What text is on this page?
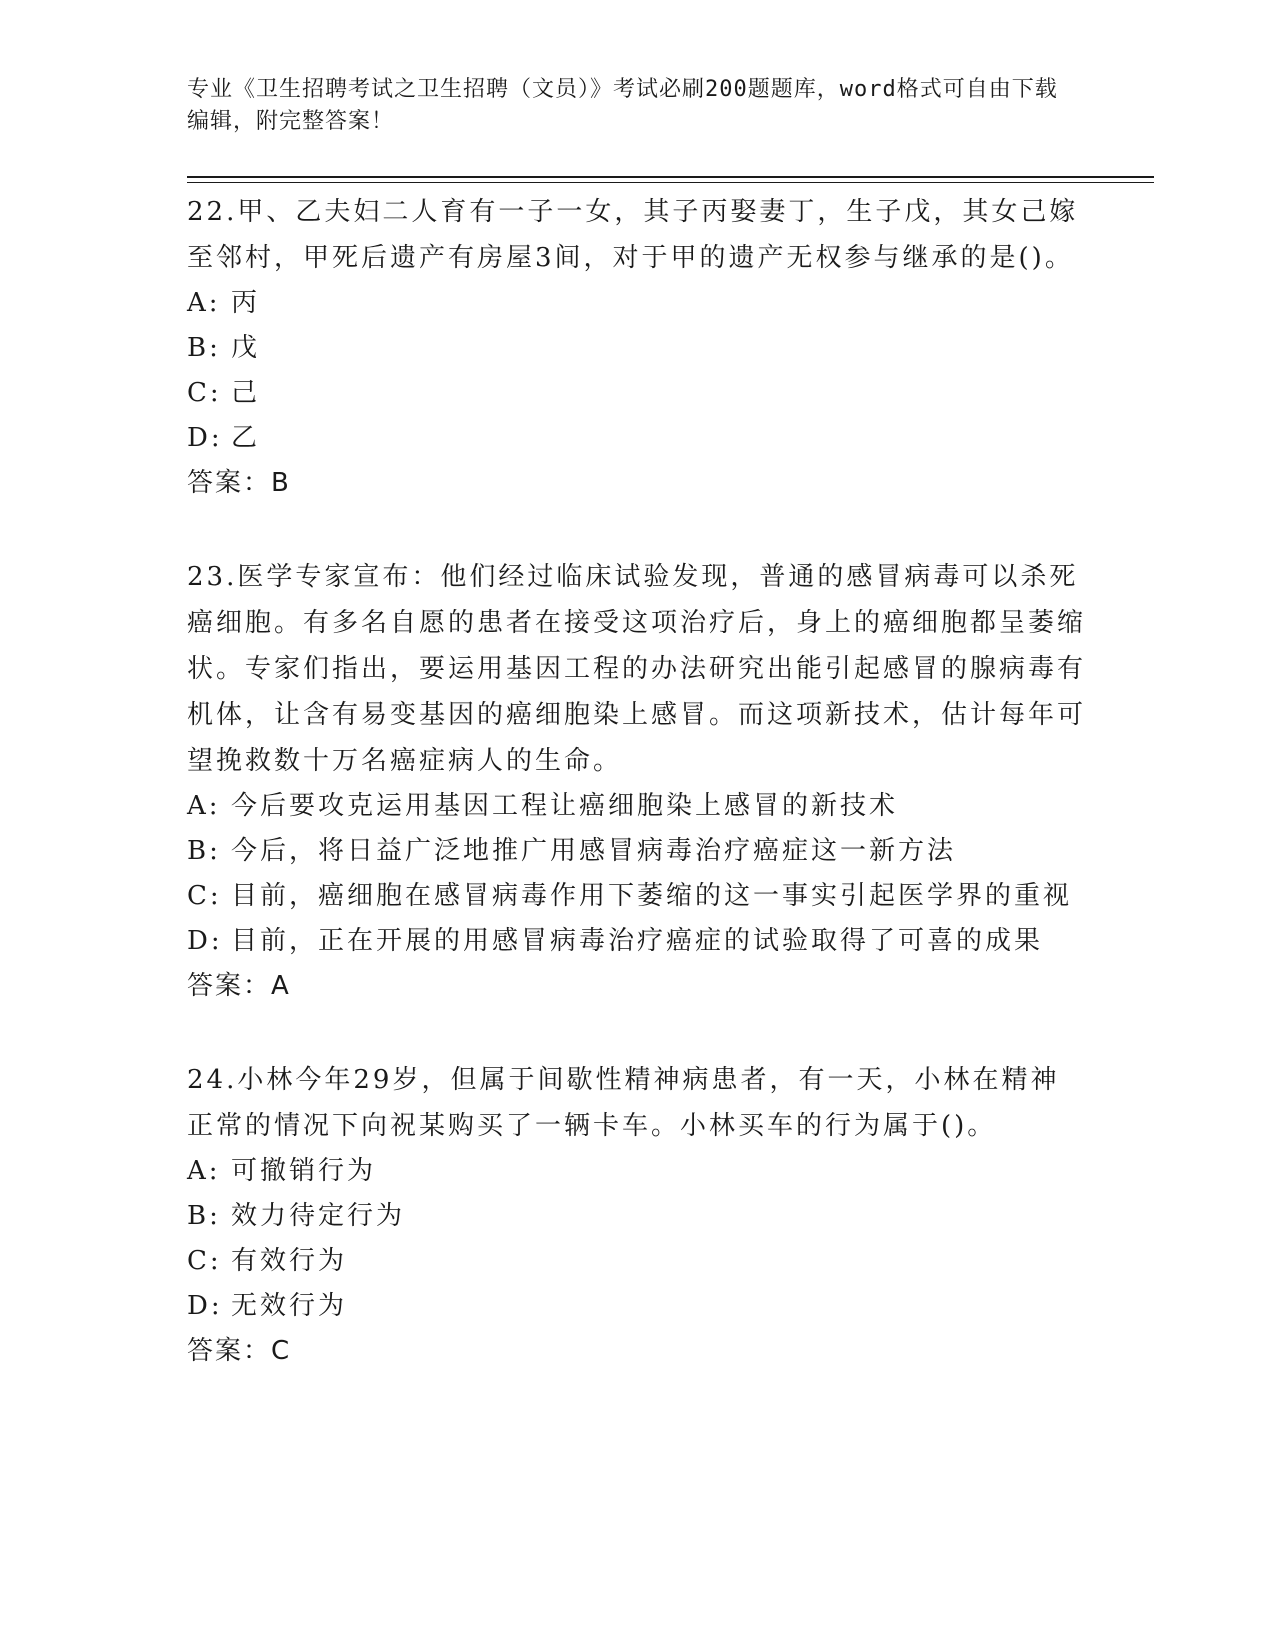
专业《卫生招聘考试之卫生招聘（文员）》考试必刷200题题库，word格式可自由下载编辑，附完整答案！

22.甲、乙夫妇二人育有一子一女，其子丙娶妻丁，生子戊，其女己嫁至邻村，甲死后遗产有房屋3间，对于甲的遗产无权参与继承的是()。

A: 丙

B: 戊

C: 己

D: 乙

答案：B

23.医学专家宣布：他们经过临床试验发现，普通的感冒病毒可以杀死癌细胞。有多名自愿的患者在接受这项治疗后，身上的癌细胞都呈萎缩状。专家们指出，要运用基因工程的办法研究出能引起感冒的腺病毒有机体，让含有易变基因的癌细胞染上感冒。而这项新技术，估计每年可望挽救数十万名癌症病人的生命。

A: 今后要攻克运用基因工程让癌细胞染上感冒的新技术

B: 今后，将日益广泛地推广用感冒病毒治疗癌症这一新方法

C: 目前，癌细胞在感冒病毒作用下萎缩的这一事实引起医学界的重视

D: 目前，正在开展的用感冒病毒治疗癌症的试验取得了可喜的成果

答案：A

24.小林今年29岁，但属于间歇性精神病患者，有一天，小林在精神正常的情况下向祝某购买了一辆卡车。小林买车的行为属于()。

A: 可撤销行为

B: 效力待定行为

C: 有效行为

D: 无效行为

答案：C
